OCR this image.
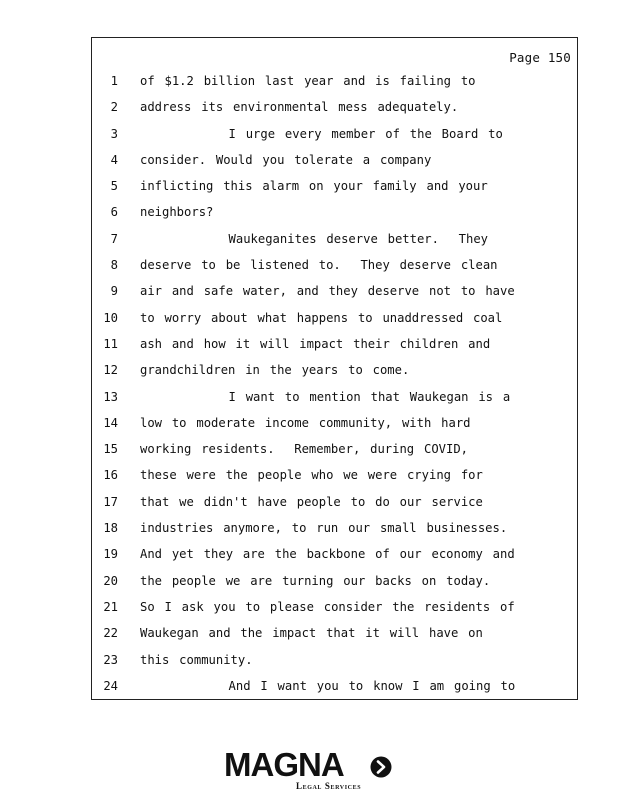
Page 150
1 of $1.2 billion last year and is failing to
2 address its environmental mess adequately.
3 I urge every member of the Board to
4 consider. Would you tolerate a company
5 inflicting this alarm on your family and your
6 neighbors?
7 Waukeganites deserve better.  They
8 deserve to be listened to.  They deserve clean
9 air and safe water, and they deserve not to have
10 to worry about what happens to unaddressed coal
11 ash and how it will impact their children and
12 grandchildren in the years to come.
13 I want to mention that Waukegan is a
14 low to moderate income community, with hard
15 working residents.  Remember, during COVID,
16 these were the people who we were crying for
17 that we didn't have people to do our service
18 industries anymore, to run our small businesses.
19 And yet they are the backbone of our economy and
20 the people we are turning our backs on today.
21 So I ask you to please consider the residents of
22 Waukegan and the impact that it will have on
23 this community.
24 And I want you to know I am going to
MAGNA
Legal Services
